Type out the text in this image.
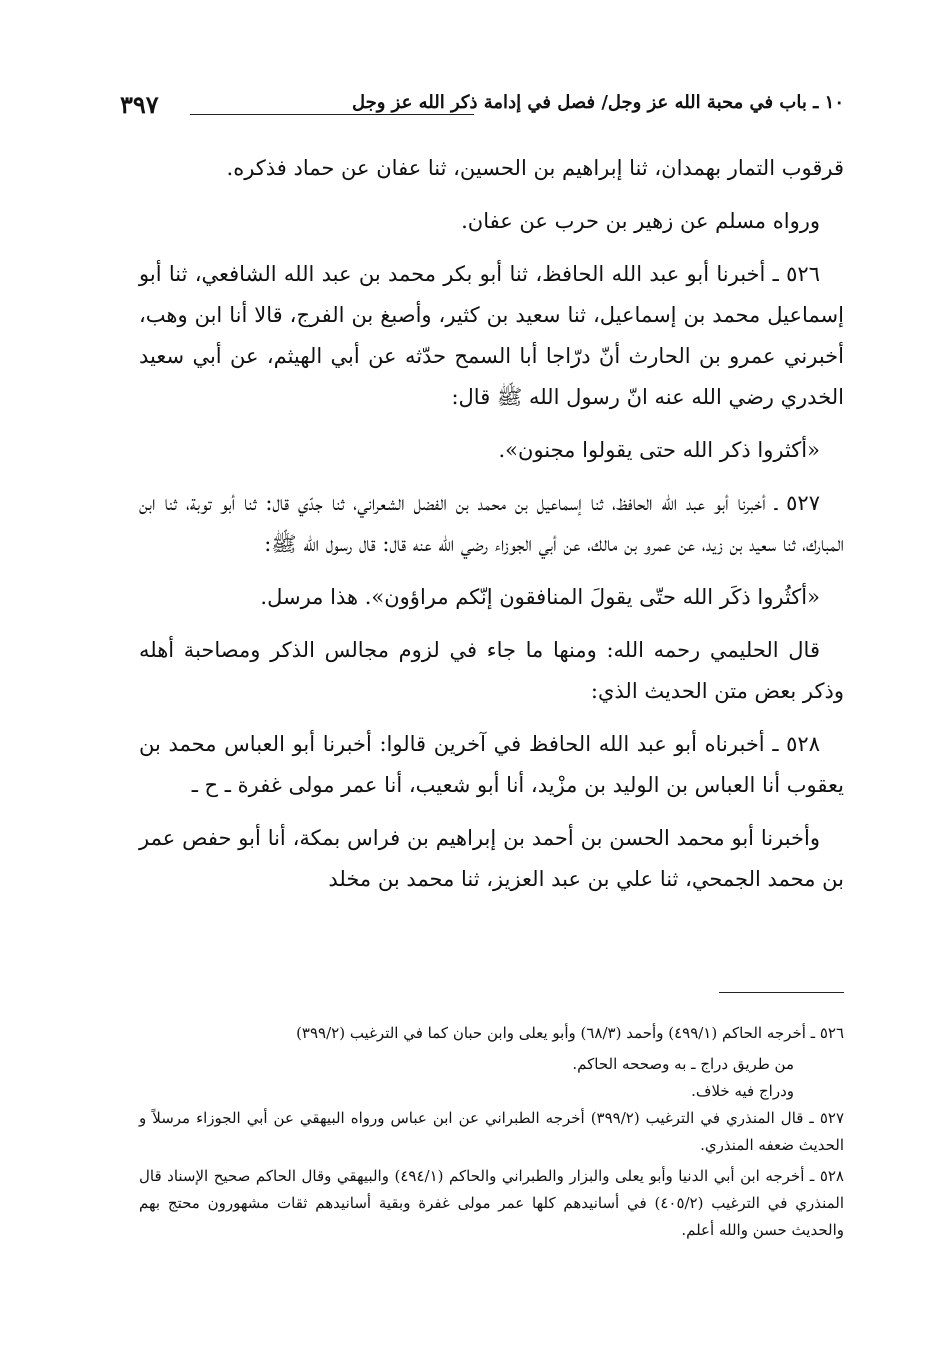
١٠ ـ باب في محبة الله عز وجل/ فصل في إدامة ذكر الله عز وجل
٣٩٧

قرقوب التمار بهمدان، ثنا إبراهيم بن الحسين، ثنا عفان عن حماد فذكره.

ورواه مسلم عن زهير بن حرب عن عفان.

٥٢٦ ـ أخبرنا أبو عبد الله الحافظ، ثنا أبو بكر محمد بن عبد الله الشافعي، ثنا أبو إسماعيل محمد بن إسماعيل، ثنا سعيد بن كثير، وأصبغ بن الفرج، قالا أنا ابن وهب، أخبرني عمرو بن الحارث أنّ درّاجا أبا السمح حدّثه عن أبي الهيثم، عن أبي سعيد الخدري رضي الله عنه انّ رسول الله ﷺ قال:

«أكثروا ذكر الله حتى يقولوا مجنون».

٥٢٧ ـ أخبرنا أبو عبد الله الحافظ، ثنا إسماعيل بن محمد بن الفضل الشعراني، ثنا جدّي قال: ثنا أبو توبة، ثنا ابن المبارك، ثنا سعيد بن زيد، عن عمرو بن مالك، عن أبي الجوزاء رضي الله عنه قال: قال رسول الله ﷺ:

«أكثُروا ذكَر الله حتّى يقولَ المنافقون إنّكم مراؤون». هذا مرسل.

قال الحليمي رحمه الله: ومنها ما جاء في لزوم مجالس الذكر ومصاحبة أهله وذكر بعض متن الحديث الذي:

٥٢٨ ـ أخبرناه أبو عبد الله الحافظ في آخرين قالوا: أخبرنا أبو العباس محمد بن يعقوب أنا العباس بن الوليد بن مزْيد، أنا أبو شعيب، أنا عمر مولى غفرة ـ ح ـ

وأخبرنا أبو محمد الحسن بن أحمد بن إبراهيم بن فراس بمكة، أنا أبو حفص عمر بن محمد الجمحي، ثنا علي بن عبد العزيز، ثنا محمد بن مخلد

٥٢٦ ـ أخرجه الحاكم (٤٩٩/١) وأحمد (٦٨/٣) وأبو يعلى وابن حبان كما في الترغيب (٣٩٩/٢)

من طريق دراج ـ به وصححه الحاكم.

ودراج فيه خلاف.

٥٢٧ ـ قال المنذري في الترغيب (٣٩٩/٢) أخرجه الطبراني عن ابن عباس ورواه البيهقي عن أبي الجوزاء مرسلاً و الحديث ضعفه المنذري.

٥٢٨ ـ أخرجه ابن أبي الدنيا وأبو يعلى والبزار والطبراني والحاكم (٤٩٤/١) والبيهقي وقال الحاكم صحيح الإسناد قال المنذري في الترغيب (٤٠٥/٢) في أسانيدهم كلها عمر مولى غفرة وبقية أسانيدهم ثقات مشهورون محتج بهم والحديث حسن والله أعلم.
